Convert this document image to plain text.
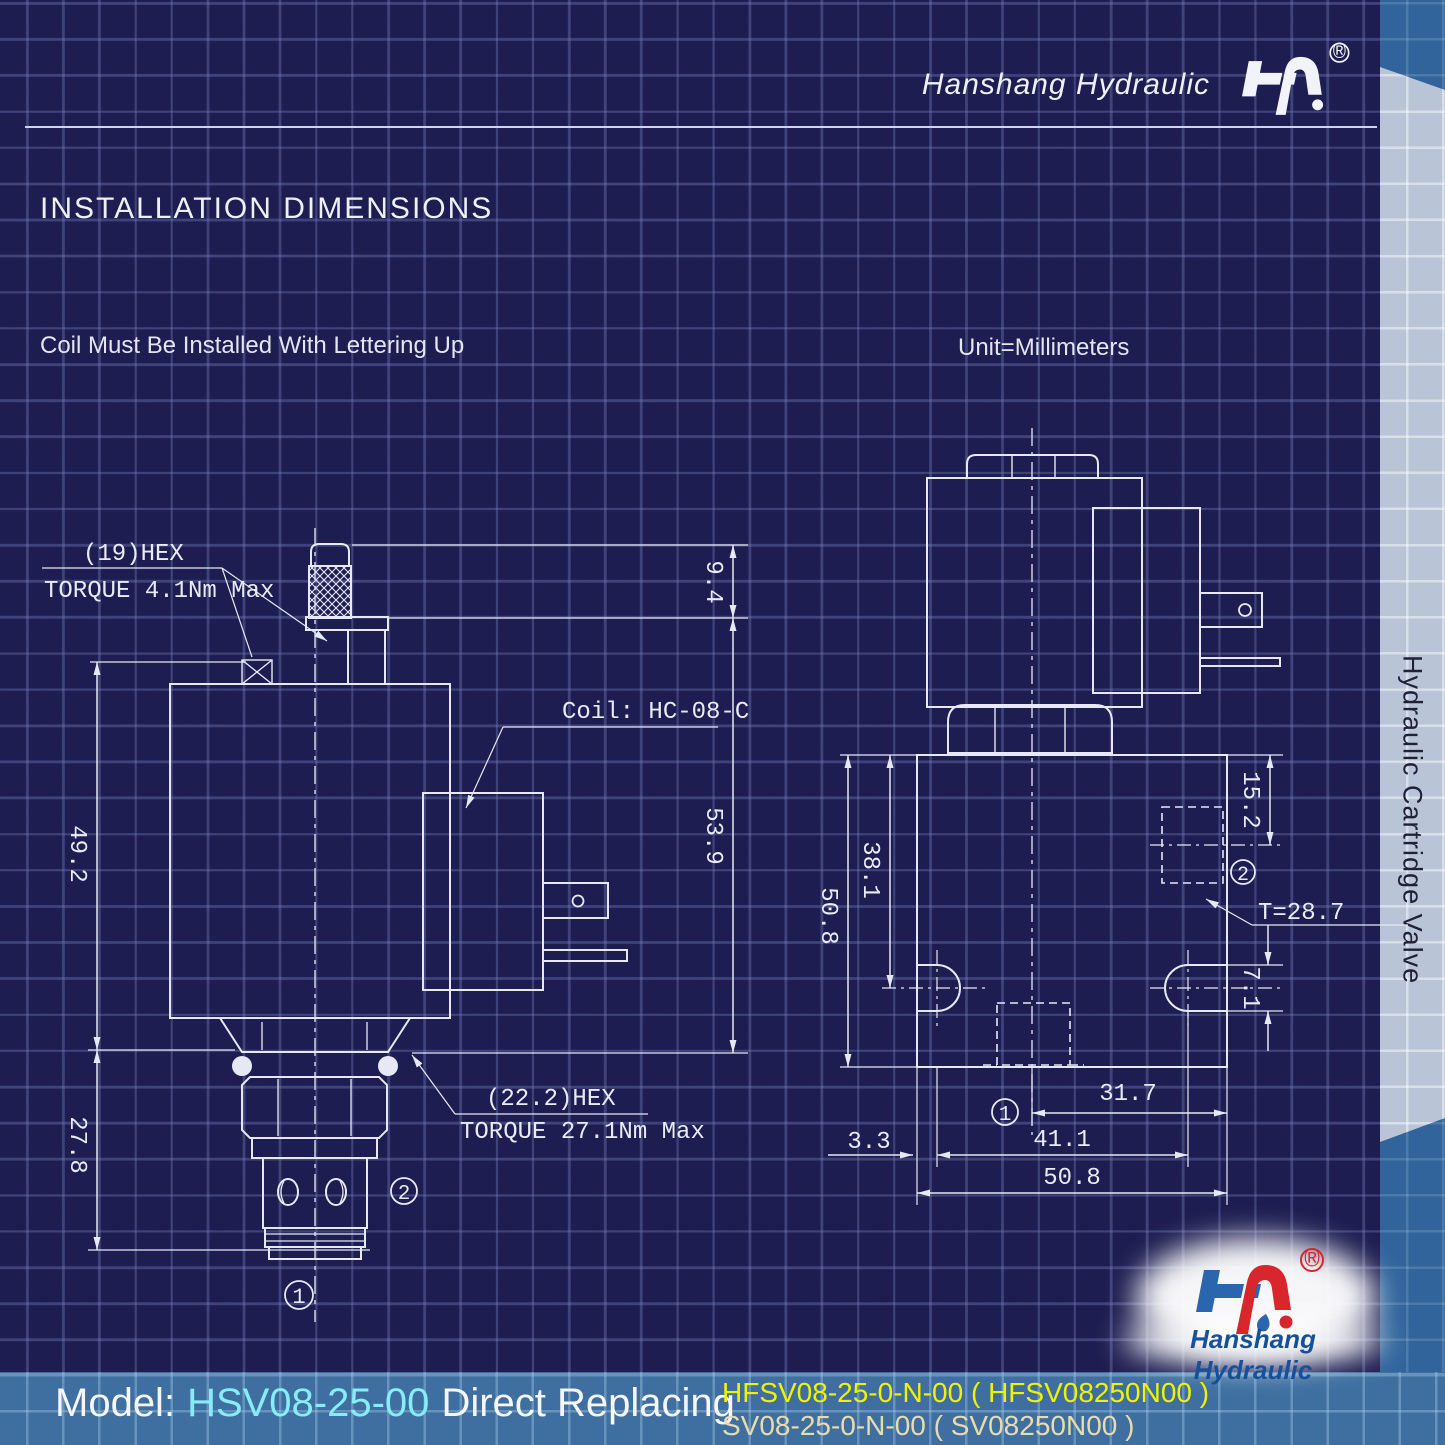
Hydraulic Cartridge Valve
(19)HEX
TORQUE 4.1Nm Max
Coil: HC-08-C
(22.2)HEX
TORQUE 27.1Nm Max
9.4
53.9
49.2
27.8
50.8
38.1
15.2
7.1
T=28.7
31.7
41.1
3.3
50.8
2
1
2
1
®
®
Hanshang Hydraulic
INSTALLATION DIMENSIONS
Coil Must Be Installed With Lettering Up	Unit=Millimeters
Model: HSV08-25-00 Direct Replacing
HFSV08-25-0-N-00 ( HFSV08250N00 )
SV08-25-0-N-00 ( SV08250N00 )
Hanshang Hydraulic
